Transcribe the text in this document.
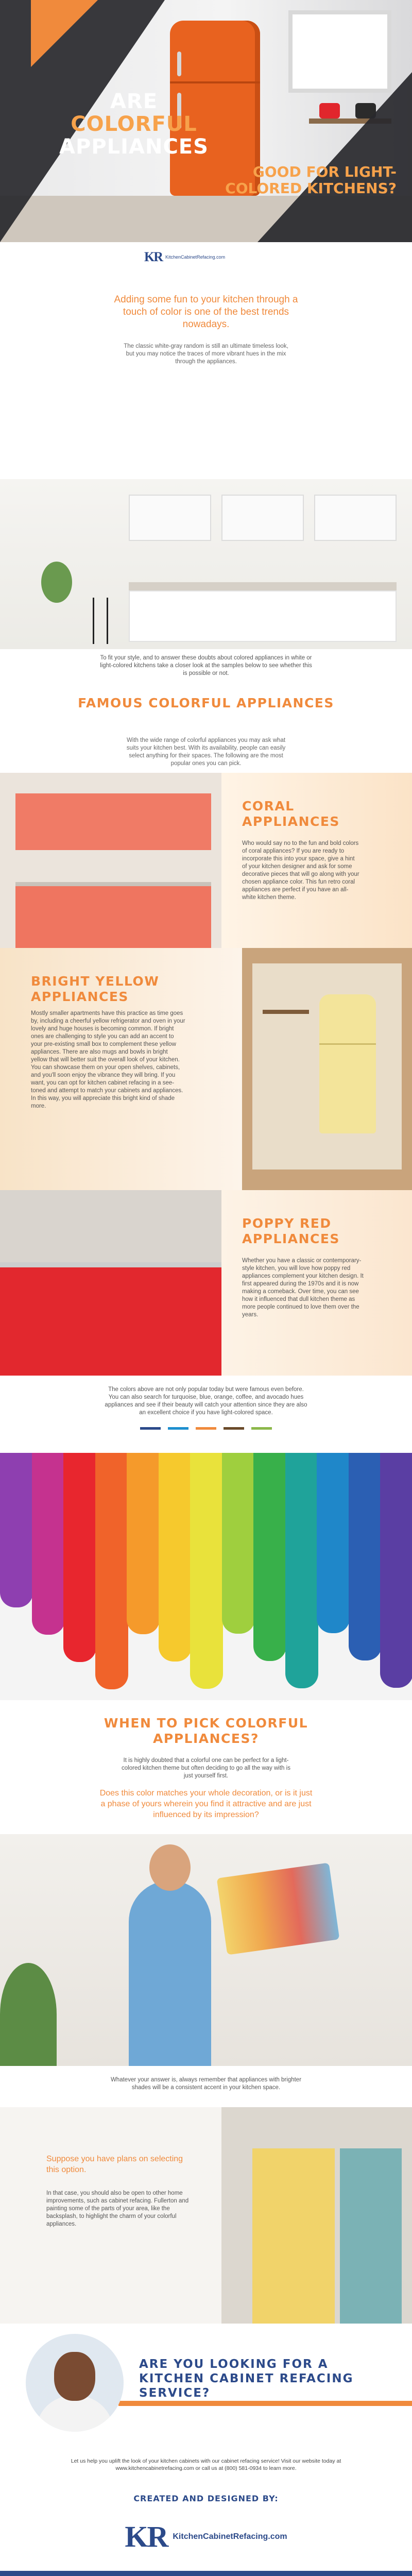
ARE
COLORFUL
APPLIANCES
GOOD FOR LIGHT-COLORED KITCHENS?
KR KitchenCabinetRefacing.com

Adding some fun to your kitchen through a touch of color is one of the best trends nowadays.

The classic white-gray random is still an ultimate timeless look, but you may notice the traces of more vibrant hues in the mix through the appliances.

To fit your style, and to answer these doubts about colored appliances in white or light-colored kitchens take a closer look at the samples below to see whether this is possible or not.

FAMOUS COLORFUL APPLIANCES

With the wide range of colorful appliances you may ask what suits your kitchen best. With its availability, people can easily select anything for their spaces. The following are the most popular ones you can pick.

CORAL APPLIANCES

Who would say no to the fun and bold colors of coral appliances? If you are ready to incorporate this into your space, give a hint of your kitchen designer and ask for some decorative pieces that will go along with your chosen appliance color. This fun retro coral appliances are perfect if you have an all-white kitchen theme.

BRIGHT YELLOW APPLIANCES

Mostly smaller apartments have this practice as time goes by, including a cheerful yellow refrigerator and oven in your lovely and huge houses is becoming common. If bright ones are challenging to style you can add an accent to your pre-existing small box to complement these yellow appliances. There are also mugs and bowls in bright yellow that will better suit the overall look of your kitchen. You can showcase them on your open shelves, cabinets, and you'll soon enjoy the vibrance they will bring. If you want, you can opt for kitchen cabinet refacing in a see-toned and attempt to match your cabinets and appliances. In this way, you will appreciate this bright kind of shade more.

POPPY RED APPLIANCES

Whether you have a classic or contemporary-style kitchen, you will love how poppy red appliances complement your kitchen design. It first appeared during the 1970s and it is now making a comeback. Over time, you can see how it influenced that dull kitchen theme as more people continued to love them over the years.

The colors above are not only popular today but were famous even before. You can also search for turquoise, blue, orange, coffee, and avocado hues appliances and see if their beauty will catch your attention since they are also an excellent choice if you have light-colored space.

WHEN TO PICK COLORFUL APPLIANCES?

It is highly doubted that a colorful one can be perfect for a light-colored kitchen theme but often deciding to go all the way with is just yourself first.

Does this color matches your whole decoration, or is it just a phase of yours wherein you find it attractive and are just influenced by its impression?

Whatever your answer is, always remember that appliances with brighter shades will be a consistent accent in your kitchen space.

Suppose you have plans on selecting this option.

In that case, you should also be open to other home improvements, such as cabinet refacing. Fullerton and painting some of the parts of your area, like the backsplash, to highlight the charm of your colorful appliances.

ARE YOU LOOKING FOR A KITCHEN CABINET REFACING SERVICE?

Let us help you uplift the look of your kitchen cabinets with our cabinet refacing service! Visit our website today at www.kitchencabinetrefacing.com or call us at (800) 581-0934 to learn more.

CREATED AND DESIGNED BY:
KR KitchenCabinetRefacing.com
